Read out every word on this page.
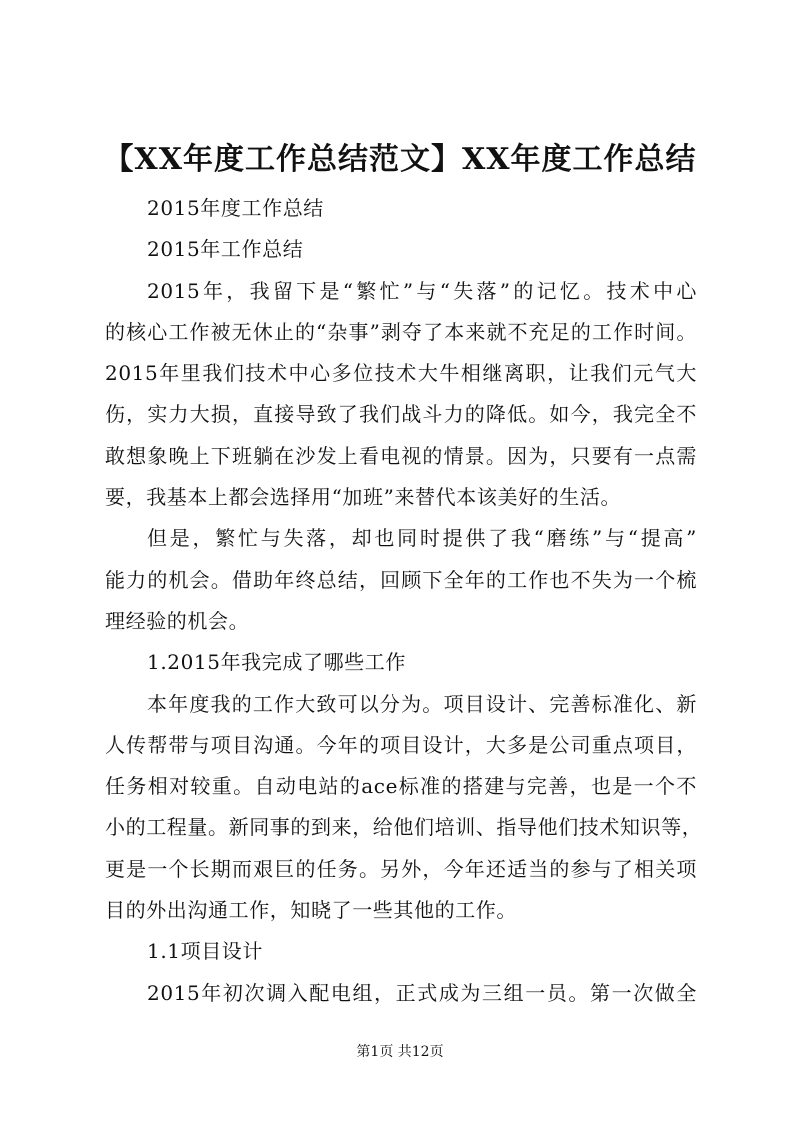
【XX年度工作总结范文】XX年度工作总结
2015年度工作总结
2015年工作总结
2015年，我留下是“繁忙”与“失落”的记忆。技术中心
的核心工作被无休止的“杂事”剥夺了本来就不充足的工作时间。
2015年里我们技术中心多位技术大牛相继离职，让我们元气大
伤，实力大损，直接导致了我们战斗力的降低。如今，我完全不
敢想象晚上下班躺在沙发上看电视的情景。因为，只要有一点需
要，我基本上都会选择用“加班”来替代本该美好的生活。
但是，繁忙与失落，却也同时提供了我“磨练”与“提高”
能力的机会。借助年终总结，回顾下全年的工作也不失为一个梳
理经验的机会。
1.2015年我完成了哪些工作
本年度我的工作大致可以分为。项目设计、完善标准化、新
人传帮带与项目沟通。今年的项目设计，大多是公司重点项目，
任务相对较重。自动电站的ace标准的搭建与完善，也是一个不
小的工程量。新同事的到来，给他们培训、指导他们技术知识等，
更是一个长期而艰巨的任务。另外，今年还适当的参与了相关项
目的外出沟通工作，知晓了一些其他的工作。
1.1项目设计
2015年初次调入配电组，正式成为三组一员。第一次做全
第1页 共12页
